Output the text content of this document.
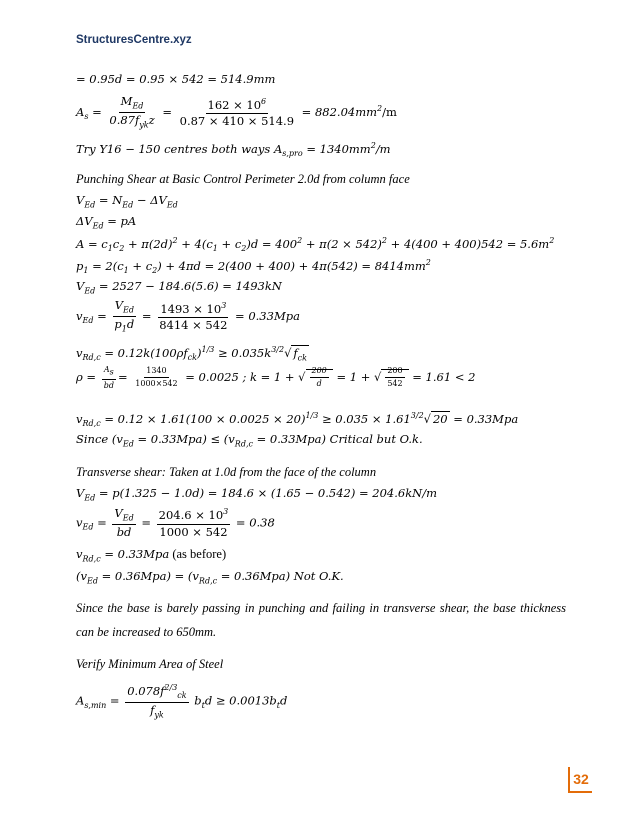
StructuresCentre.xyz
= 0.95d = 0.95 × 542 = 514.9mm
$A_s = \frac{M_{Ed}}{0.87f_{yk}z} = \frac{162 \times 10^6}{0.87 \times 410 \times 514.9} = 882.04mm^2/m$
Try Y16 − 150 centres both ways $A_{s,pro} = 1340mm^2/m$
Punching Shear at Basic Control Perimeter 2.0d from column face
$V_{Ed} = N_{Ed} - \Delta V_{Ed}$
$\Delta V_{Ed}$ = pA
$A = c_1c_2 + \pi(2d)^2 + 4(c_1 + c_2)d = 400^2 + \pi(2 \times 542)^2 + 4(400 + 400)542 = 5.6m^2$
$p_1 = 2(c_1 + c_2) + 4\pi d = 2(400 + 400) + 4\pi(542) = 8414mm^2$
$V_{Ed} = 2527 - 184.6(5.6) = 1493kN$
$v_{Ed} = \frac{V_{Ed}}{p_1d} = \frac{1493 \times 10^3}{8414 \times 542} = 0.33Mpa$
$v_{Rd,c} = 0.12k(100\rho f_{ck})^{1/3} \ge 0.035k^{3/2}√$ $f_{ck}$
$\rho = \frac{A_s}{bd} = \frac{1340}{1000\times 542} = 0.0025$ ; k = 1 + √ $\frac{200}{d} = 1$ + √ $\frac{200}{542} = 1.61 < 2$
$v_{Rd,c} = 0.12 \times 1.61(100 \times 0.0025 \times 20)^{1/3} \ge 0.035 \times 1.61^{3/2}√$ 20 = 0.33Mpa
Since $(v_{Ed} = 0.33Mpa) \le (v_{Rd,c} = 0.33Mpa)$ Critical but O.k.
Transverse shear: Taken at 1.0d from the face of the column
$V_{Ed} = p(1.325 - 1.0d) = 184.6 \times (1.65 - 0.542) = 204.6kN/m$
$v_{Ed} = \frac{V_{Ed}}{bd} = \frac{204.6 \times 10^3}{1000 \times 542} = 0.38$
$v_{Rd,c} = 0.33Mpa$ (as before)
$(v_{Ed} = 0.36Mpa) = (v_{Rd,c} = 0.36Mpa)$ Not O.K.
Since the base is barely passing in punching and failing in transverse shear, the base thickness can be increased to 650mm.
Verify Minimum Area of Steel
$A_{s,min} = \frac{0.078f^{2/3}_{ck}}{f_{yk}} b_td \ge 0.0013b_td$
32
